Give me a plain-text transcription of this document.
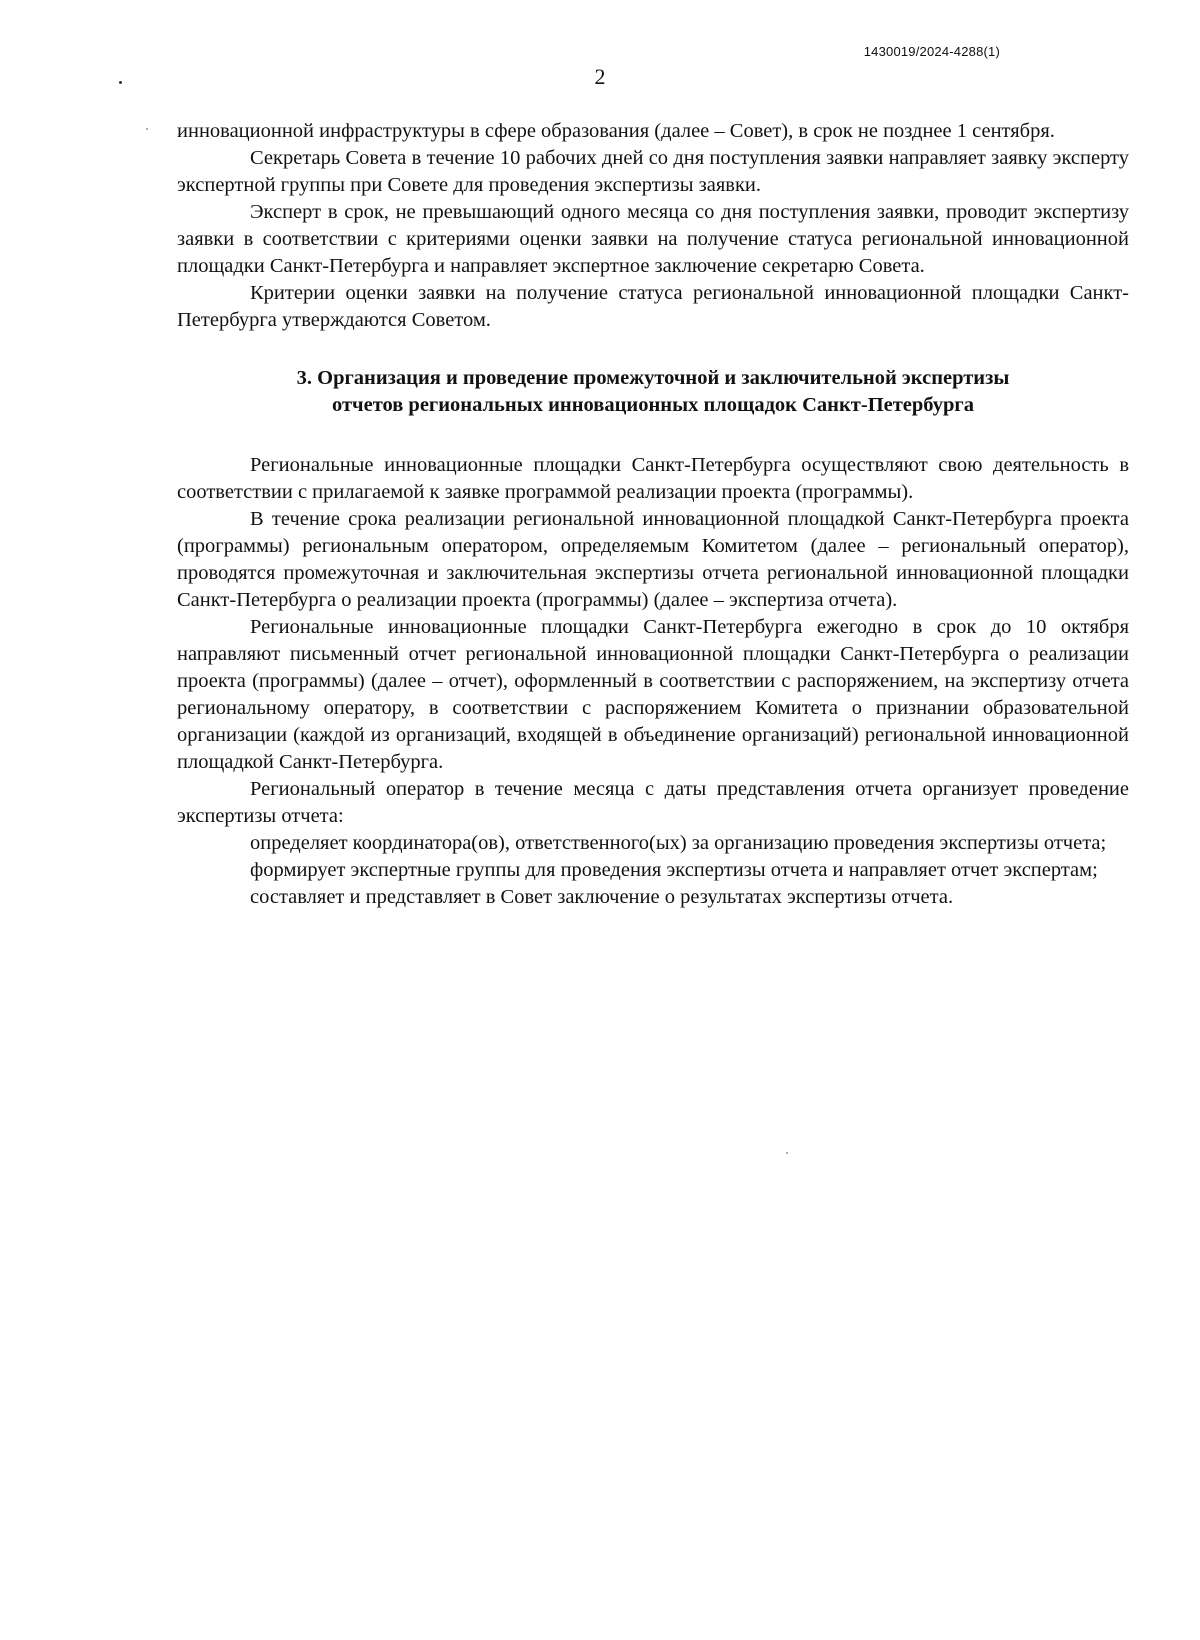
1430019/2024-4288(1)
2

инновационной инфраструктуры в сфере образования (далее – Совет), в срок не позднее 1 сентября.

Секретарь Совета в течение 10 рабочих дней со дня поступления заявки направляет заявку эксперту экспертной группы при Совете для проведения экспертизы заявки.

Эксперт в срок, не превышающий одного месяца со дня поступления заявки, проводит экспертизу заявки в соответствии с критериями оценки заявки на получение статуса региональной инновационной площадки Санкт-Петербурга и направляет экспертное заключение секретарю Совета.

Критерии оценки заявки на получение статуса региональной инновационной площадки Санкт-Петербурга утверждаются Советом.

3. Организация и проведение промежуточной и заключительной экспертизы
отчетов региональных инновационных площадок Санкт-Петербурга

Региональные инновационные площадки Санкт-Петербурга осуществляют свою деятельность в соответствии с прилагаемой к заявке программой реализации проекта (программы).

В течение срока реализации региональной инновационной площадкой Санкт-Петербурга проекта (программы) региональным оператором, определяемым Комитетом (далее – региональный оператор), проводятся промежуточная и заключительная экспертизы отчета региональной инновационной площадки Санкт-Петербурга о реализации проекта (программы) (далее – экспертиза отчета).

Региональные инновационные площадки Санкт-Петербурга ежегодно в срок до 10 октября направляют письменный отчет региональной инновационной площадки Санкт-Петербурга о реализации проекта (программы) (далее – отчет), оформленный в соответствии с распоряжением, на экспертизу отчета региональному оператору, в соответствии с распоряжением Комитета о признании образовательной организации (каждой из организаций, входящей в объединение организаций) региональной инновационной площадкой Санкт-Петербурга.

Региональный оператор в течение месяца с даты представления отчета организует проведение экспертизы отчета:

определяет координатора(ов), ответственного(ых) за организацию проведения экспертизы отчета;

формирует экспертные группы для проведения экспертизы отчета и направляет отчет экспертам;

составляет и представляет в Совет заключение о результатах экспертизы отчета.
